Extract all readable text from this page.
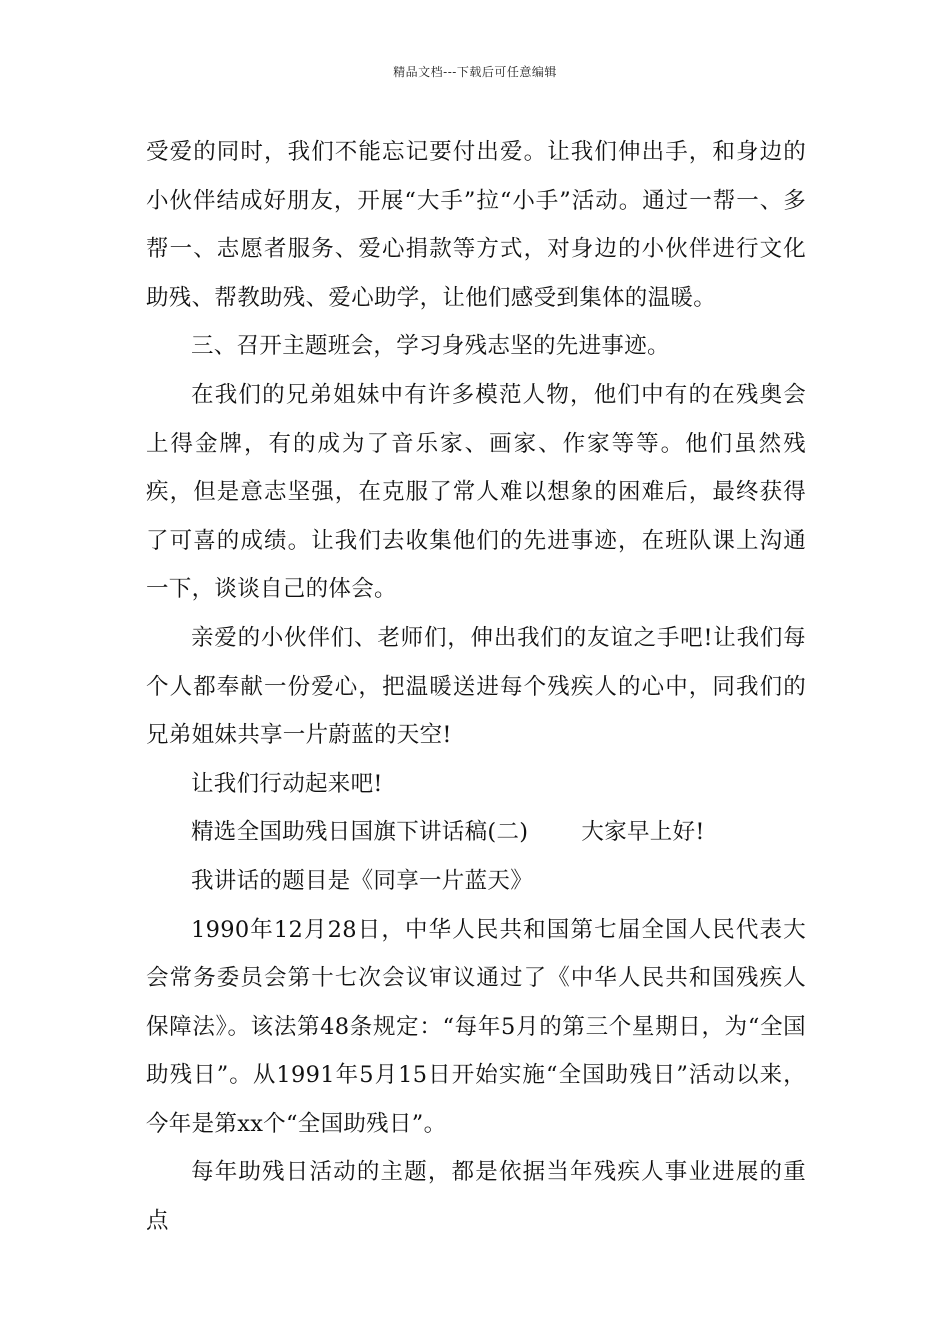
精品文档---下载后可任意编辑

受爱的同时，我们不能忘记要付出爱。让我们伸出手，和身边的小伙伴结成好朋友，开展“大手”拉“小手”活动。通过一帮一、多帮一、志愿者服务、爱心捐款等方式，对身边的小伙伴进行文化助残、帮教助残、爱心助学，让他们感受到集体的温暖。

三、召开主题班会，学习身残志坚的先进事迹。

在我们的兄弟姐妹中有许多模范人物，他们中有的在残奥会上得金牌，有的成为了音乐家、画家、作家等等。他们虽然残疾，但是意志坚强，在克服了常人难以想象的困难后，最终获得了可喜的成绩。让我们去收集他们的先进事迹，在班队课上沟通一下，谈谈自己的体会。

亲爱的小伙伴们、老师们，伸出我们的友谊之手吧!让我们每个人都奉献一份爱心，把温暖送进每个残疾人的心中，同我们的兄弟姐妹共享一片蔚蓝的天空!

让我们行动起来吧!

精选全国助残日国旗下讲话稿(二)　　 大家早上好!

我讲话的题目是《同享一片蓝天》

1990年12月28日，中华人民共和国第七届全国人民代表大会常务委员会第十七次会议审议通过了《中华人民共和国残疾人保障法》。该法第48条规定：“每年5月的第三个星期日，为“全国助残日”。从1991年5月15日开始实施“全国助残日”活动以来，今年是第xx个“全国助残日”。

每年助残日活动的主题，都是依据当年残疾人事业进展的重点
